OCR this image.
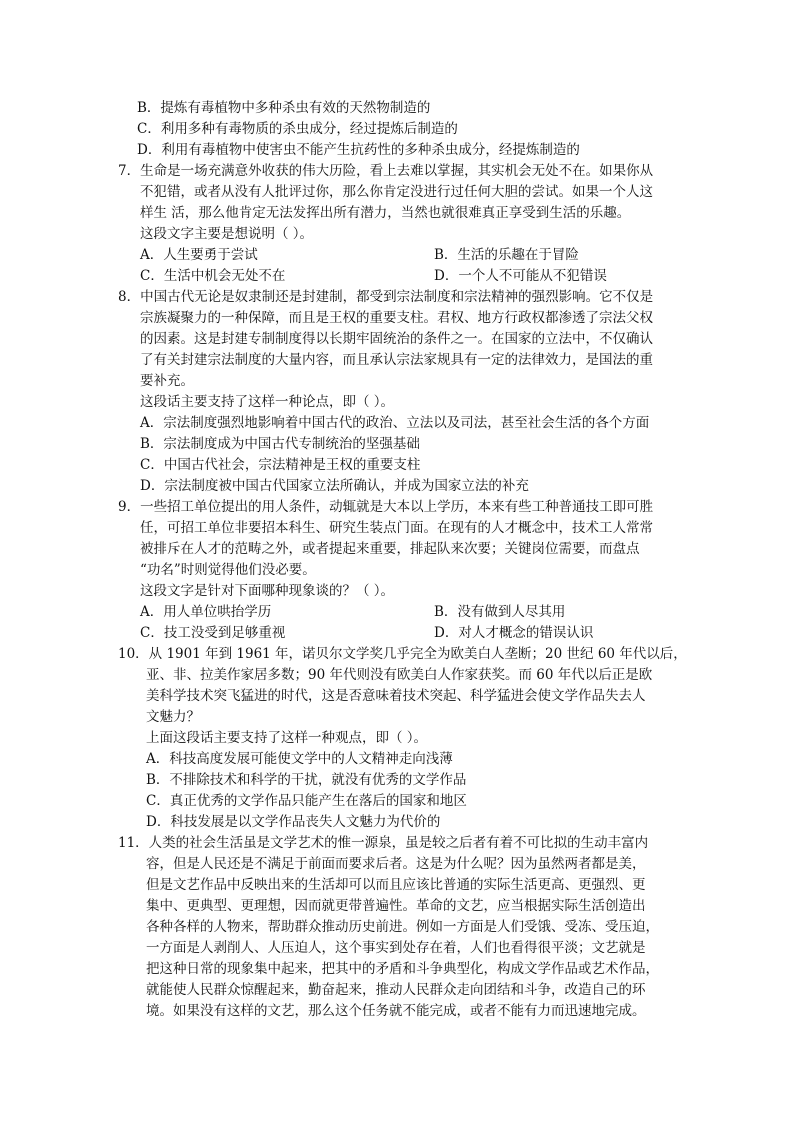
B．提炼有毒植物中多种杀虫有效的天然物制造的
C．利用多种有毒物质的杀虫成分，经过提炼后制造的
D．利用有毒植物中使害虫不能产生抗药性的多种杀虫成分，经提炼制造的
7．生命是一场充满意外收获的伟大历险，看上去难以掌握，其实机会无处不在。如果你从
不犯错，或者从没有人批评过你，那么你肯定没进行过任何大胆的尝试。如果一个人这
样生 活，那么他肯定无法发挥出所有潜力，当然也就很难真正享受到生活的乐趣。
这段文字主要是想说明（ ）。
A．人生要勇于尝试	B．生活的乐趣在于冒险
C．生活中机会无处不在	D．一个人不可能从不犯错误
8．中国古代无论是奴隶制还是封建制，都受到宗法制度和宗法精神的强烈影响。它不仅是
宗族凝聚力的一种保障，而且是王权的重要支柱。君权、地方行政权都渗透了宗法父权
的因素。这是封建专制制度得以长期牢固统治的条件之一。在国家的立法中，不仅确认
了有关封建宗法制度的大量内容，而且承认宗法家规具有一定的法律效力，是国法的重
要补充。
这段话主要支持了这样一种论点，即（ ）。
A．宗法制度强烈地影响着中国古代的政治、立法以及司法，甚至社会生活的各个方面
B．宗法制度成为中国古代专制统治的坚强基础
C．中国古代社会，宗法精神是王权的重要支柱
D．宗法制度被中国古代国家立法所确认，并成为国家立法的补充
9．一些招工单位提出的用人条件，动辄就是大本以上学历，本来有些工种普通技工即可胜
任，可招工单位非要招本科生、研究生装点门面。在现有的人才概念中，技术工人常常
被排斥在人才的范畴之外，或者提起来重要，排起队来次要；关键岗位需要，而盘点
“功名”时则觉得他们没必要。
这段文字是针对下面哪种现象谈的？（ ）。
A．用人单位哄抬学历	B．没有做到人尽其用
C．技工没受到足够重视	D．对人才概念的错误认识
10．从 1901 年到 1961 年，诺贝尔文学奖几乎完全为欧美白人垄断；20 世纪 60 年代以后，
亚、非、拉美作家居多数；90 年代则没有欧美白人作家获奖。而 60 年代以后正是欧
美科学技术突飞猛进的时代，这是否意味着技术突起、科学猛进会使文学作品失去人
文魅力？
上面这段话主要支持了这样一种观点，即（ ）。
A．科技高度发展可能使文学中的人文精神走向浅薄
B．不排除技术和科学的干扰，就没有优秀的文学作品
C．真正优秀的文学作品只能产生在落后的国家和地区
D．科技发展是以文学作品丧失人文魅力为代价的
11．人类的社会生活虽是文学艺术的惟一源泉，虽是较之后者有着不可比拟的生动丰富内
容，但是人民还是不满足于前面而要求后者。这是为什么呢？因为虽然两者都是美，
但是文艺作品中反映出来的生活却可以而且应该比普通的实际生活更高、更强烈、更
集中、更典型、更理想，因而就更带普遍性。革命的文艺，应当根据实际生活创造出
各种各样的人物来，帮助群众推动历史前进。例如一方面是人们受饿、受冻、受压迫，
一方面是人剥削人、人压迫人，这个事实到处存在着，人们也看得很平淡；文艺就是
把这种日常的现象集中起来，把其中的矛盾和斗争典型化，构成文学作品或艺术作品，
就能使人民群众惊醒起来，勤奋起来，推动人民群众走向团结和斗争，改造自己的环
境。如果没有这样的文艺，那么这个任务就不能完成，或者不能有力而迅速地完成。
